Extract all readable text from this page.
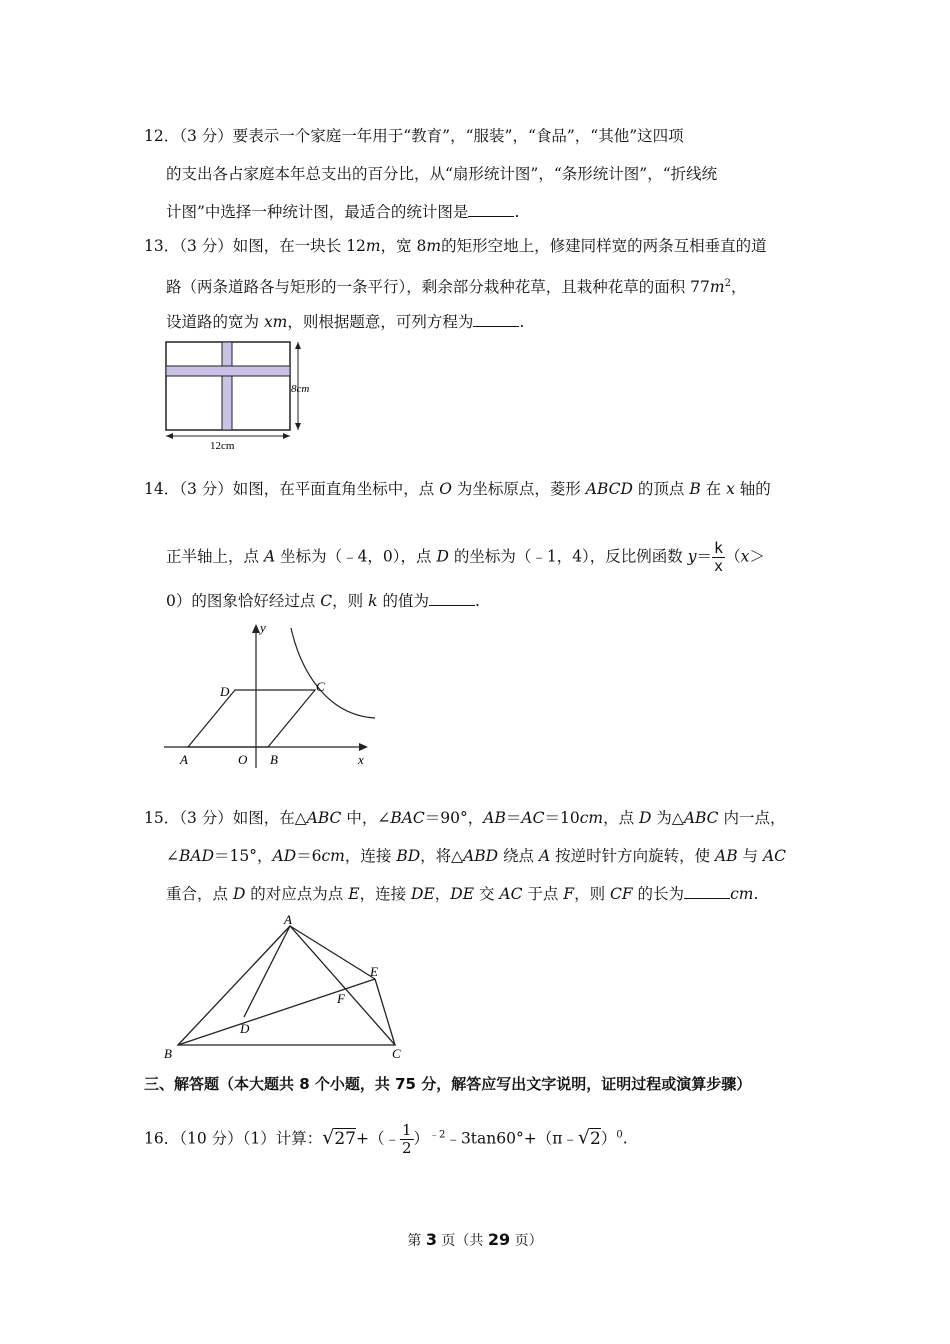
12．（3 分）要表示一个家庭一年用于“教育”，“服装”，“食品”，“其他”这四项
的支出各占家庭本年总支出的百分比，从“扇形统计图”，“条形统计图”，“折线统
计图”中选择一种统计图，最适合的统计图是	.
13．（3 分）如图，在一块长 12m，宽 8m的矩形空地上，修建同样宽的两条互相垂直的道
路（两条道路各与矩形的一条平行），剩余部分栽种花草，且栽种花草的面积 $77m^2$，
设道路的宽为 xm，则根据题意，可列方程为	.
8cm
12cm
14．（3 分）如图，在平面直角坐标中，点 O 为坐标原点，菱形 ABCD 的顶点 B 在 x 轴的
正半轴上，点 A 坐标为（﹣4，0），点 D 的坐标为（﹣1，4），反比例函数 $y= \frac{k}{x} (x>$
0）的图象恰好经过点 C，则 k 的值为	.
y
x
A	O B
D	C
15．（3 分）如图，在△ABC 中，∠BAC＝90°，AB＝AC＝10cm，点 D 为△ABC 内一点，
∠BAD＝15°，AD＝6cm，连接 BD，将△ABD 绕点 A 按逆时针方向旋转，使 AB 与 AC
重合，点 D 的对应点为点 E，连接 DE，DE 交 AC 于点 F，则 CF 的长为	cm.
A
B	C
D
E
F
三、解答题（本大题共 8 个小题，共 75 分，解答应写出文字说明，证明过程或演算步骤）
16．（10 分）（1）计算：√27+（﹣ $\frac{1}{2}$ ）$^{﹣2}$﹣3tan60°+（π﹣√2）$^0$.
第 3 页（共 29 页）
